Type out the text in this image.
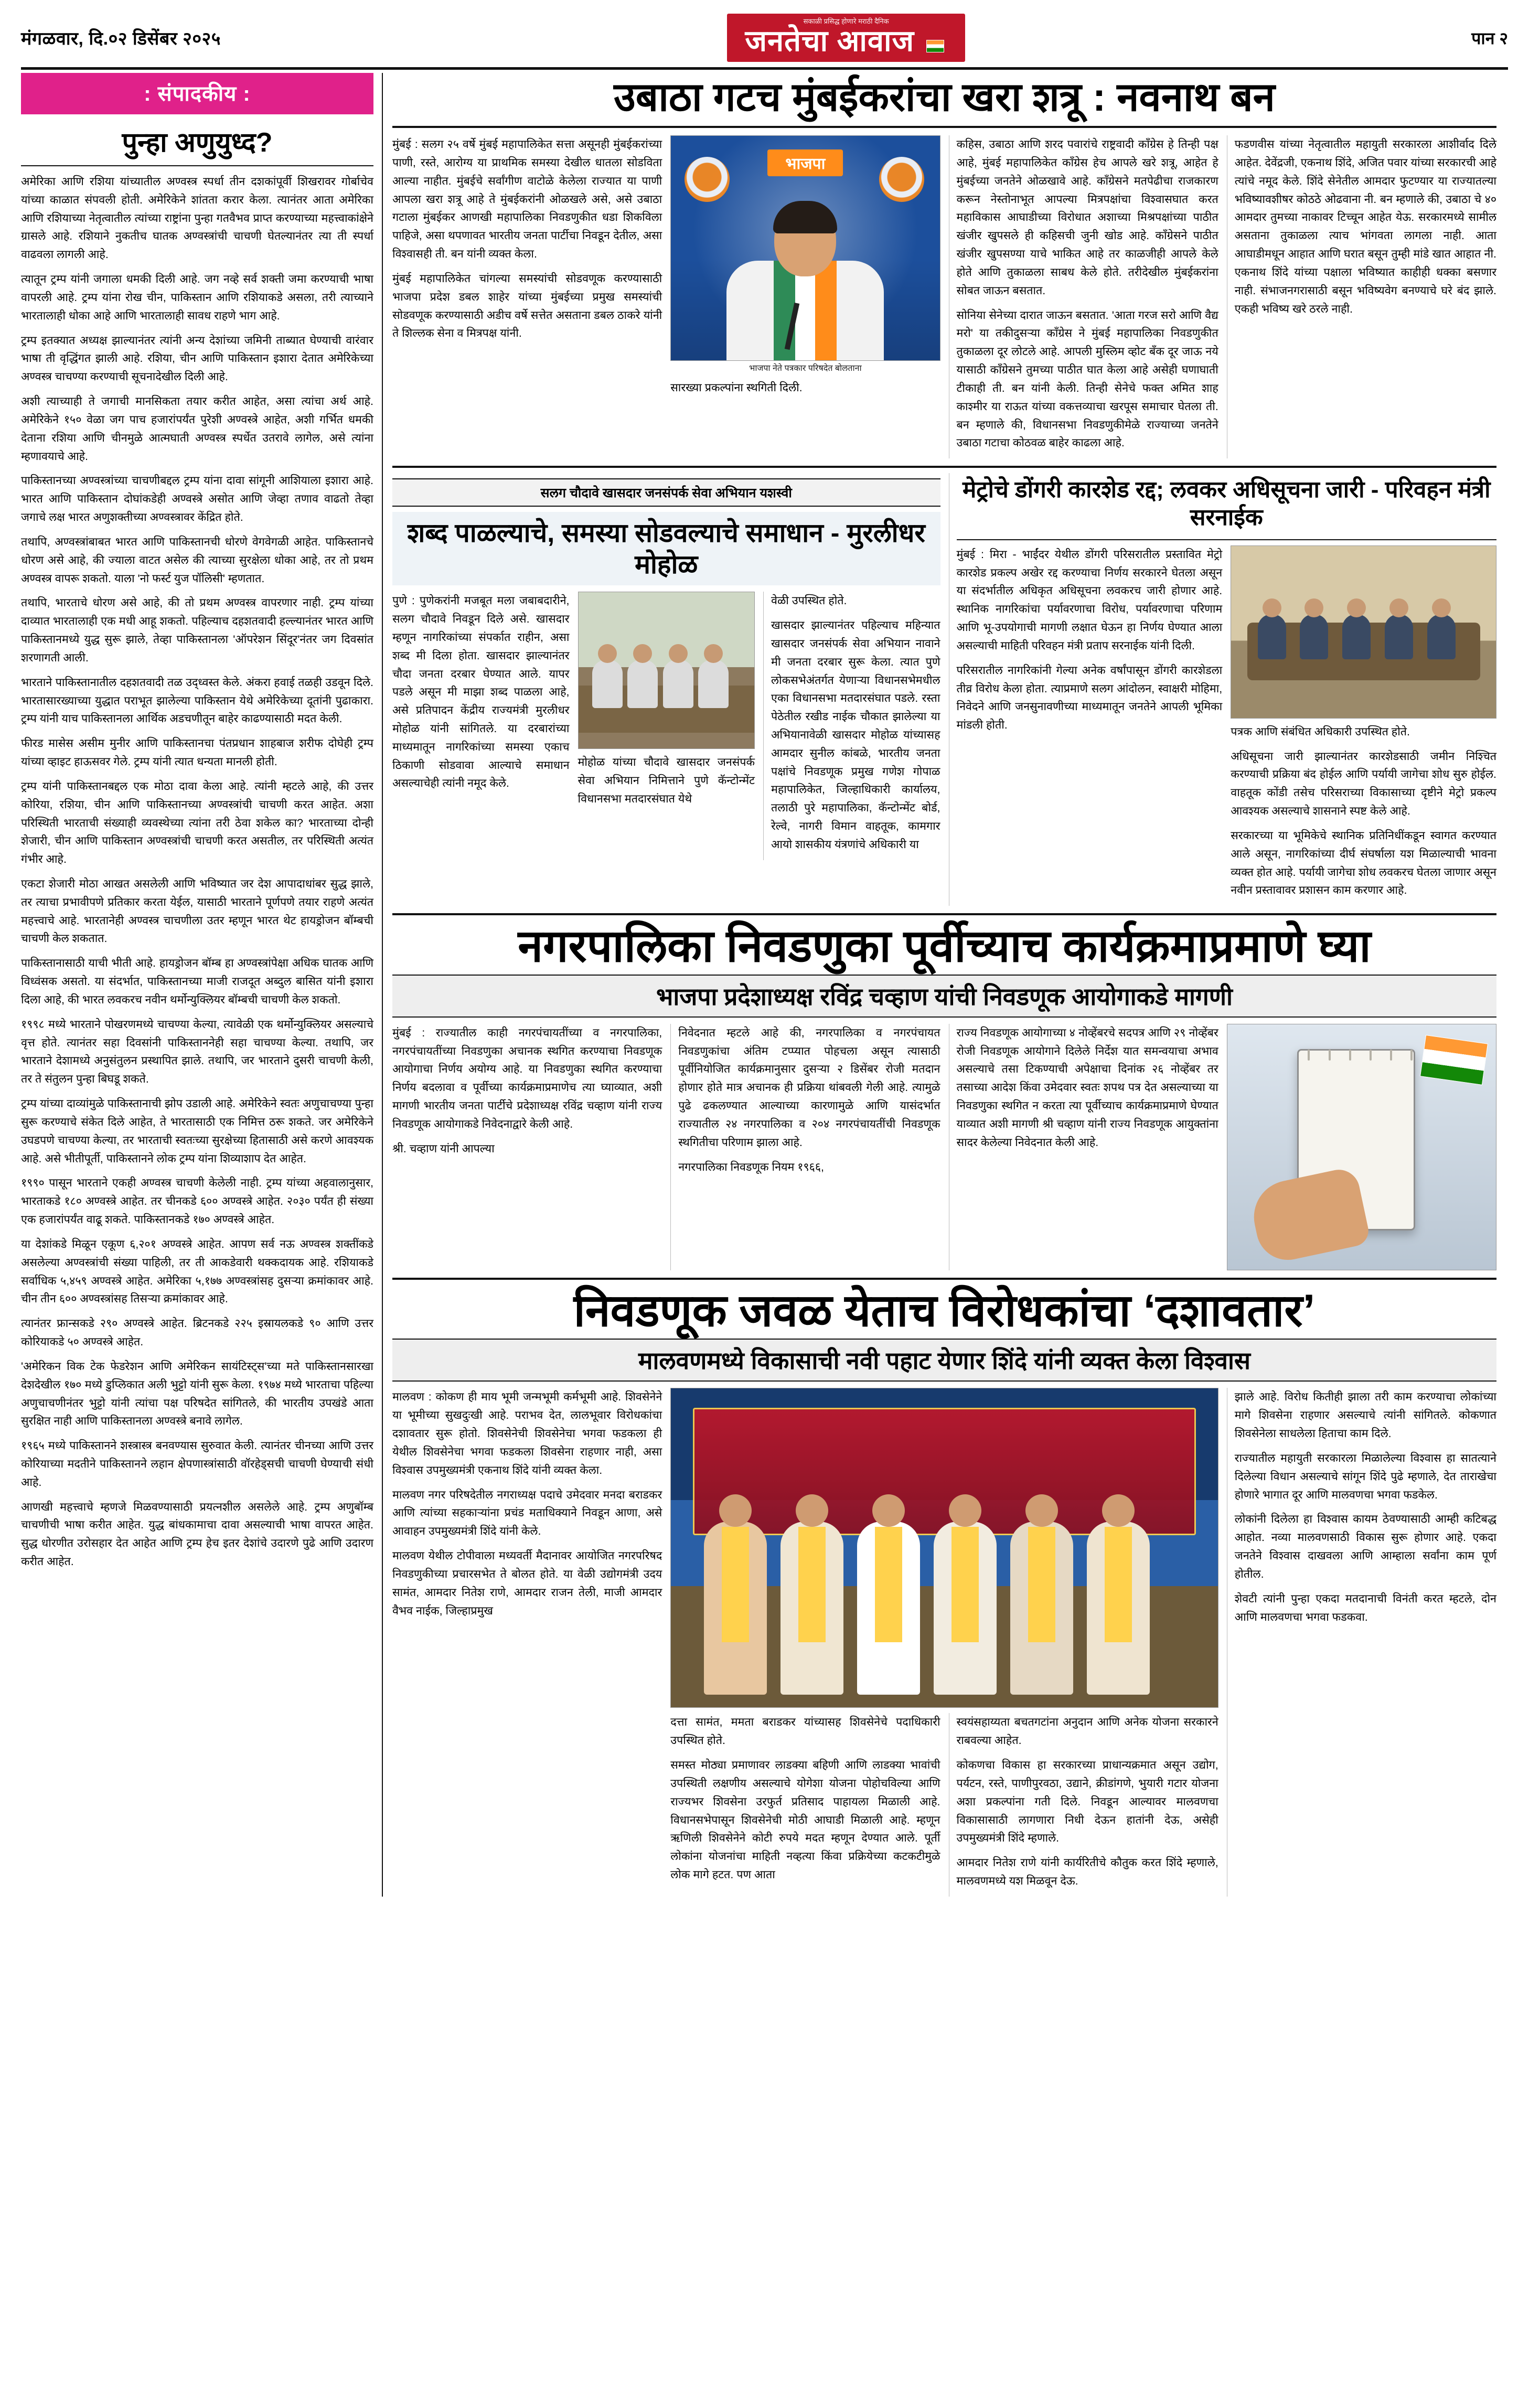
मंगळवार, दि.०२ डिसेंबर २०२५
सकाळी प्रसिद्ध होणारे मराठी दैनिक
जनतेचा आवाज	पान २
: संपादकीय :
पुन्हा अणुयुध्द?

अमेरिका आणि रशिया यांच्यातील अण्वस्त्र स्पर्धा तीन दशकांपूर्वी शिखरावर गोर्बाचेव यांच्या काळात संपवली होती. अमेरिकेने शांतता करार केला. त्यानंतर आता अमेरिका आणि रशियाच्या नेतृत्वातील त्यांच्या राष्ट्रांना पुन्हा गतवैभव प्राप्त करण्याच्या महत्त्वाकांक्षेने ग्रासले आहे. रशियाने नुकतीच घातक अण्वस्त्रांची चाचणी घेतल्यानंतर त्या ती स्पर्धा वाढवला लागली आहे.

त्यातून ट्रम्प यांनी जगाला धमकी दिली आहे. जग नव्हे सर्व शक्ती जमा करण्याची भाषा वापरली आहे. ट्रम्प यांना रोख चीन, पाकिस्तान आणि रशियाकडे असला, तरी त्याच्याने भारतालाही धोका आहे आणि भारतालाही सावध राहणे भाग आहे.

ट्रम्प इतक्यात अध्यक्ष झाल्यानंतर त्यांनी अन्य देशांच्या जमिनी ताब्यात घेण्याची वारंवार भाषा ती वृद्धिंगत झाली आहे. रशिया, चीन आणि पाकिस्तान इशारा देतात अमेरिकेच्या अण्वस्त्र चाचण्या करण्याची सूचनादेखील दिली आहे.

अशी त्याच्याही ते जगाची मानसिकता तयार करीत आहेत, असा त्यांचा अर्थ आहे. अमेरिकेने १५० वेळा जग पाच हजारांपर्यंत पुरेशी अण्वस्त्रे आहेत, अशी गर्भित धमकी देताना रशिया आणि चीनमुळे आत्मघाती अण्वस्त्र स्पर्धेत उतरावे लागेल, असे त्यांना म्हणावयाचे आहे.

पाकिस्तानच्या अण्वस्त्रांच्या चाचणीबद्दल ट्रम्प यांना दावा सांगूनी आशियाला इशारा आहे. भारत आणि पाकिस्तान दोघांकडेही अण्वस्त्रे असोत आणि जेव्हा तणाव वाढतो तेव्हा जगाचे लक्ष भारत अणुशक्तीच्या अण्वस्त्रावर केंद्रित होते.

तथापि, अण्वस्त्रांबाबत भारत आणि पाकिस्तानची धोरणे वेगवेगळी आहेत. पाकिस्तानचे धोरण असे आहे, की ज्याला वाटत असेल की त्याच्या सुरक्षेला धोका आहे, तर तो प्रथम अण्वस्त्र वापरू शकतो. याला 'नो फर्स्ट युज पॉलिसी' म्हणतात.

तथापि, भारताचे धोरण असे आहे, की तो प्रथम अण्वस्त्र वापरणार नाही. ट्रम्प यांच्या दाव्यात भारतालाही एक मधी आहू शकतो. पहिल्याच दहशतवादी हल्ल्यानंतर भारत आणि पाकिस्तानमध्ये युद्ध सुरू झाले, तेव्हा पाकिस्तानला 'ऑपरेशन सिंदूर'नंतर जग दिवसांत शरणागती आली.

भारताने पाकिस्तानातील दहशतवादी तळ उद्ध्वस्त केले. अंकरा हवाई तळही उडवून दिले. भारतासारख्याच्या युद्धात पराभूत झालेल्या पाकिस्तान येथे अमेरिकेच्या दूतांनी पुढाकारा. ट्रम्प यांनी याच पाकिस्तानला आर्थिक अडचणीतून बाहेर काढण्यासाठी मदत केली.

फीरड मासेस असीम मुनीर आणि पाकिस्तानचा पंतप्रधान शाहबाज शरीफ दोघेही ट्रम्प यांच्या व्हाइट हाऊसवर गेले. ट्रम्प यांनी त्यात धन्यता मानली होती.

ट्रम्प यांनी पाकिस्तानबद्दल एक मोठा दावा केला आहे. त्यांनी म्हटले आहे, की उत्तर कोरिया, रशिया, चीन आणि पाकिस्तानच्या अण्वस्त्रांची चाचणी करत आहेत. अशा परिस्थिती भारताची संख्याही व्यवस्थेच्या त्यांना तरी ठेवा शकेल का? भारताच्या दोन्ही शेजारी, चीन आणि पाकिस्तान अण्वस्त्रांची चाचणी करत असतील, तर परिस्थिती अत्यंत गंभीर आहे.

एकटा शेजारी मोठा आखत असलेली आणि भविष्यात जर देश आपादाधांबर सुद्ध झाले, तर त्याचा प्रभावीपणे प्रतिकार करता येईल, यासाठी भारताने पूर्णपणे तयार राहणे अत्यंत महत्त्वाचे आहे. भारतानेही अण्वस्त्र चाचणीला उतर म्हणून भारत थेट हायड्रोजन बॉम्बची चाचणी केल शकतात.

पाकिस्तानासाठी याची भीती आहे. हायड्रोजन बॉम्ब हा अण्वस्त्रांपेक्षा अधिक घातक आणि विध्वंसक असतो. या संदर्भात, पाकिस्तानच्या माजी राजदूत अब्दुल बासित यांनी इशारा दिला आहे, की भारत लवकरच नवीन थर्मोन्युक्लियर बॉम्बची चाचणी केल शकतो.

१९९८ मध्ये भारताने पोखरणमध्ये चाचण्या केल्या, त्यावेळी एक थर्मोन्युक्लियर असल्याचे वृत्त होते. त्यानंतर सहा दिवसांनी पाकिस्ताननेही सहा चाचण्या केल्या. तथापि, जर भारताने देशामध्ये अनुसंतुलन प्रस्थापित झाले. तथापि, जर भारताने दुसरी चाचणी केली, तर ते संतुलन पुन्हा बिघडू शकते.

ट्रम्प यांच्या दाव्यांमुळे पाकिस्तानाची झोप उडाली आहे. अमेरिकेने स्वतः अणुचाचण्या पुन्हा सुरू करण्याचे संकेत दिले आहेत, ते भारतासाठी एक निमित्त ठरू शकते. जर अमेरिकेने उघडपणे चाचण्या केल्या, तर भारताची स्वतःच्या सुरक्षेच्या हितासाठी असे करणे आवश्यक आहे. असे भीतीपूर्ती, पाकिस्तानने लोक ट्रम्प यांना शिव्याशाप देत आहेत.

१९९० पासून भारताने एकही अण्वस्त्र चाचणी केलेली नाही. ट्रम्प यांच्या अहवालानुसार, भारताकडे १८० अण्वस्त्रे आहेत. तर चीनकडे ६०० अण्वस्त्रे आहेत. २०३० पर्यंत ही संख्या एक हजारांपर्यंत वाढू शकते. पाकिस्तानकडे १७० अण्वस्त्रे आहेत.

या देशांकडे मिळून एकूण ६,२०१ अण्वस्त्रे आहेत. आपण सर्व नऊ अण्वस्त्र शक्तींकडे असलेल्या अण्वस्त्रांची संख्या पाहिली, तर ती आकडेवारी थक्कदायक आहे. रशियाकडे सर्वाधिक ५,४५९ अण्वस्त्रे आहेत. अमेरिका ५,१७७ अण्वस्त्रांसह दुसऱ्या क्रमांकावर आहे. चीन तीन ६०० अण्वस्त्रांसह तिसऱ्या क्रमांकावर आहे.

त्यानंतर फ्रान्सकडे २९० अण्वस्त्रे आहेत. ब्रिटनकडे २२५ इस्रायलकडे ९० आणि उत्तर कोरियाकडे ५० अण्वस्त्रे आहेत.

'अमेरिकन विक टेक फेडरेशन आणि अमेरिकन सायंटिस्ट्स'च्या मते पाकिस्तानसारखा देशदेखील १७० मध्ये डुप्लिकात अली भुट्टो यांनी सुरू केला. १९७४ मध्ये भारताचा पहिल्या अणुचाचणीनंतर भुट्टो यांनी त्यांचा पक्ष परिषदेत सांगितले, की भारतीय उपखंडे आता सुरक्षित नाही आणि पाकिस्तानला अण्वस्त्रे बनावे लागेल.

१९६५ मध्ये पाकिस्तानने शस्त्रास्त्र बनवण्यास सुरुवात केली. त्यानंतर चीनच्या आणि उत्तर कोरियाच्या मदतीने पाकिस्तानने लहान क्षेपणास्त्रांसाठी वॉरहेड्सची चाचणी घेण्याची संधी आहे.

आणखी महत्त्वाचे म्हणजे मिळवण्यासाठी प्रयत्नशील असलेले आहे. ट्रम्प अणुबॉम्ब चाचणीची भाषा करीत आहेत. युद्ध बांधकामाचा दावा असल्याची भाषा वापरत आहेत. सुद्ध धोरणीत उरोसहार देत आहेत आणि ट्रम्प हेच इतर देशांचे उदारणे पुढे आणि उदारण करीत आहेत.

उबाठा गटच मुंबईकरांचा खरा शत्रू : नवनाथ बन

मुंबई : सलग २५ वर्षे मुंबई महापालिकेत सत्ता असूनही मुंबईकरांच्या पाणी, रस्ते, आरोग्य या प्राथमिक समस्या देखील धातला सोडविता आल्या नाहीत. मुंबईचे सर्वांगीण वाटोळे केलेला राज्यात या पाणी आपला खरा शत्रू आहे ते मुंबईकरांनी ओळखले असे, असे उबाठा गटाला मुंबईकर आणखी महापालिका निवडणुकीत धडा शिकविला पाहिजे, असा थपणावत भारतीय जनता पार्टीचा निवडून देतील, असा विश्वासही ती. बन यांनी व्यक्त केला.

मुंबई महापालिकेत चांगल्या समस्यांची सोडवणूक करण्यासाठी भाजपा प्रदेश डबल शाहेर यांच्या मुंबईच्या प्रमुख समस्यांची सोडवणूक करण्यासाठी अडीच वर्षे सत्तेत असताना डबल ठाकरे यांनी ते शिल्लक सेना व मित्रपक्ष यांनी.

भाजपा
भाजपा नेते पत्रकार परिषदेत बोलताना

सारख्या प्रकल्पांना स्थगिती दिली.

कहिस, उबाठा आणि शरद पवारांचे राष्ट्रवादी काँग्रेस हे तिन्ही पक्ष आहे, मुंबई महापालिकेत काँग्रेस हेच आपले खरे शत्रू, आहेत हे मुंबईच्या जनतेने ओळखावे आहे. काँग्रेसने मतपेढीचा राजकारण करून नेस्तोनाभूत आपल्या मित्रपक्षांचा विश्वासघात करत महाविकास आघाडीच्या विरोधात अशाच्या मिश्रपक्षांच्या पाठीत खंजीर खुपसले ही कहिसची जुनी खोड आहे. काँग्रेसने पाठीत खंजीर खुपसण्या याचे भाकित आहे तर काळजीही आपले केले होते आणि तुकाळला साबध केले होते. तरीदेखील मुंबईकरांना सोबत जाऊन बसतात.

सोनिया सेनेच्या दारात जाऊन बसतात. 'आता गरज सरो आणि वैद्य मरो' या तकीदुसऱ्या काँग्रेस ने मुंबई महापालिका निवडणुकीत तुकाळला दूर लोटले आहे. आपली मुस्लिम व्होट बँक दूर जाऊ नये यासाठी काँग्रेसने तुमच्या पाठीत घात केला आहे असेही घणाघाती टीकाही ती. बन यांनी केली. तिन्ही सेनेचे फक्त अमित शाह काश्मीर या राऊत यांच्या वकत्तव्याचा खरपूस समाचार घेतला ती. बन म्हणाले की, विधानसभा निवडणुकीमेळे राज्याच्या जनतेने उबाठा गटाचा कोठवळ बाहेर काढला आहे.

फडणवीस यांच्या नेतृत्वातील महायुती सरकारला आशीर्वाद दिले आहेत. देवेंद्रजी, एकनाथ शिंदे, अजित पवार यांच्या सरकारची आहे त्यांचे नमूद केले. शिंदे सेनेतील आमदार फुटण्यार या राज्यातल्या भविष्यावशीषर कोठठे ओढवाना नी. बन म्हणाले की, उबाठा चे ४० आमदार तुमच्या नाकावर टिच्चून आहेत येऊ. सरकारमध्ये सामील असताना तुकाळला त्याच भांगवता लागला नाही. आता आघाडीमधून आहात आणि घरात बसून तुम्ही मांडे खात आहात नी. एकनाथ शिंदे यांच्या पक्षाला भविष्यात काहीही धक्का बसणार नाही. संभाजनगरासाठी बसून भविष्यवेग बनण्याचे घरे बंद झाले. एकही भविष्य खरे ठरले नाही.

सलग चौदावे खासदार जनसंपर्क सेवा अभियान यशस्वी
शब्द पाळल्याचे, समस्या सोडवल्याचे समाधान - मुरलीधर मोहोळ

पुणे : पुणेकरांनी मजबूत मला जबाबदारीने, सलग चौदावे निवडून दिले असे. खासदार म्हणून नागरिकांच्या संपर्कात राहीन, असा शब्द मी दिला होता. खासदार झाल्यानंतर चौदा जनता दरबार घेण्यात आले. यापर पडले असून मी माझा शब्द पाळला आहे, असे प्रतिपादन केंद्रीय राज्यमंत्री मुरलीधर मोहोळ यांनी सांगितले. या दरबारांच्या माध्यमातून नागरिकांच्या समस्या एकाच ठिकाणी सोडवावा आल्याचे समाधान असल्याचेही त्यांनी नमूद केले.

मोहोळ यांच्या चौदावे खासदार जनसंपर्क सेवा अभियान निमित्ताने पुणे कॅन्टोन्मेंट विधानसभा मतदारसंघात येथे

वेळी उपस्थित होते.

खासदार झाल्यानंतर पहिल्याच महिन्यात खासदार जनसंपर्क सेवा अभियान नावाने मी जनता दरबार सुरू केला. त्यात पुणे लोकसभेअंतर्गत येणाऱ्या विधानसभेमधील एका विधानसभा मतदारसंघात पडले. रस्ता पेठेतील रखीड नाईक चौकात झालेल्या या अभियानावेळी खासदार मोहोळ यांच्यासह आमदार सुनील कांबळे, भारतीय जनता पक्षांचे निवडणूक प्रमुख गणेश गोपाळ महापालिकेत, जिल्हाधिकारी कार्यालय, तलाठी पुरे महापालिका, कॅन्टोन्मेंट बोर्ड, रेल्वे, नागरी विमान वाहतूक, कामगार आयो शासकीय यंत्रणांचे अधिकारी या

मेट्रोचे डोंगरी कारशेड रद्द; लवकर अधिसूचना जारी - परिवहन मंत्री सरनाईक

मुंबई : मिरा - भाईंदर येथील डोंगरी परिसरातील प्रस्तावित मेट्रो कारशेड प्रकल्प अखेर रद्द करण्याचा निर्णय सरकारने घेतला असून या संदर्भातील अधिकृत अधिसूचना लवकरच जारी होणार आहे. स्थानिक नागरिकांचा पर्यावरणाचा विरोध, पर्यावरणाचा परिणाम आणि भू-उपयोगाची मागणी लक्षात घेऊन हा निर्णय घेण्यात आला असल्याची माहिती परिवहन मंत्री प्रताप सरनाईक यांनी दिली.

परिसरातील नागरिकांनी गेल्या अनेक वर्षांपासून डोंगरी कारशेडला तीव्र विरोध केला होता. त्याप्रमाणे सलग आंदोलन, स्वाक्षरी मोहिमा, निवेदने आणि जनसुनावणीच्या माध्यमातून जनतेने आपली भूमिका मांडली होती.

पत्रक आणि संबंधित अधिकारी उपस्थित होते.

अधिसूचना जारी झाल्यानंतर कारशेडसाठी जमीन निश्चित करण्याची प्रक्रिया बंद होईल आणि पर्यायी जागेचा शोध सुरु होईल. वाहतूक कोंडी तसेच परिसराच्या विकासाच्या दृष्टीने मेट्रो प्रकल्प आवश्यक असल्याचे शासनाने स्पष्ट केले आहे.

सरकारच्या या भूमिकेचे स्थानिक प्रतिनिधींकडून स्वागत करण्यात आले असून, नागरिकांच्या दीर्घ संघर्षाला यश मिळाल्याची भावना व्यक्त होत आहे. पर्यायी जागेचा शोध लवकरच घेतला जाणार असून नवीन प्रस्तावावर प्रशासन काम करणार आहे.

नगरपालिका निवडणुका पूर्वीच्याच कार्यक्रमाप्रमाणे घ्या
भाजपा प्रदेशाध्यक्ष रविंद्र चव्हाण यांची निवडणूक आयोगाकडे मागणी

मुंबई : राज्यातील काही नगरपंचायतींच्या व नगरपालिका, नगरपंचायतींच्या निवडणुका अचानक स्थगित करण्याचा निवडणूक आयोगाचा निर्णय अयोग्य आहे. या निवडणुका स्थगित करण्याचा निर्णय बदलावा व पूर्वीच्या कार्यक्रमाप्रमाणेच त्या घ्याव्यात, अशी मागणी भारतीय जनता पार्टीचे प्रदेशाध्यक्ष रविंद्र चव्हाण यांनी राज्य निवडणूक आयोगाकडे निवेदनाद्वारे केली आहे.

श्री. चव्हाण यांनी आपल्या

निवेदनात म्हटले आहे की, नगरपालिका व नगरपंचायत निवडणुकांचा अंतिम टप्प्यात पोहचला असून त्यासाठी पूर्वीनियोजित कार्यक्रमानुसार दुसऱ्या २ डिसेंबर रोजी मतदान होणार होते मात्र अचानक ही प्रक्रिया थांबवली गेली आहे. त्यामुळे पुढे ढकलण्यात आल्याच्या कारणामुळे आणि यासंदर्भात राज्यातील २४ नगरपालिका व २०४ नगरपंचायतींची निवडणूक स्थगितीचा परिणाम झाला आहे.

नगरपालिका निवडणूक नियम १९६६,

राज्य निवडणूक आयोगाच्या ४ नोव्हेंबरचे सदपत्र आणि २९ नोव्हेंबर रोजी निवडणूक आयोगाने दिलेले निर्देश यात समन्वयाचा अभाव असल्याचे तसा टिकण्याची अपेक्षाचा दिनांक २६ नोव्हेंबर तर तसाच्या आदेश किंवा उमेदवार स्वतः शपथ पत्र देत असल्याच्या या निवडणुका स्थगित न करता त्या पूर्वीच्याच कार्यक्रमाप्रमाणे घेण्यात याव्यात अशी मागणी श्री चव्हाण यांनी राज्य निवडणूक आयुक्तांना सादर केलेल्या निवेदनात केली आहे.

निवडणूक जवळ येताच विरोधकांचा ‘दशावतार’
मालवणमध्ये विकासाची नवी पहाट येणार शिंदे यांनी व्यक्त केला विश्वास

मालवण : कोकण ही माय भूमी जन्मभूमी कर्मभूमी आहे. शिवसेनेने या भूमीच्या सुखदुःखी आहे. पराभव देत, लालभूवार विरोधकांचा दशावतार सुरू होतो. शिवसेनेची शिवसेनेचा भगवा फडकला ही येथील शिवसेनेचा भगवा फडकला शिवसेना राहणार नाही, असा विश्वास उपमुख्यमंत्री एकनाथ शिंदे यांनी व्यक्त केला.

मालवण नगर परिषदेतील नगराध्यक्ष पदाचे उमेदवार मनदा बराडकर आणि त्यांच्या सहकाऱ्यांना प्रचंड मताधिक्याने निवडून आणा, असे आवाहन उपमुख्यमंत्री शिंदे यांनी केले.

मालवण येथील टोपीवाला मध्यवर्ती मैदानावर आयोजित नगरपरिषद निवडणुकीच्या प्रचारसभेत ते बोलत होते. या वेळी उद्योगमंत्री उदय सामंत, आमदार नितेश राणे, आमदार राजन तेली, माजी आमदार वैभव नाईक, जिल्हाप्रमुख

दत्ता सामंत, ममता बराडकर यांच्यासह शिवसेनेचे पदाधिकारी उपस्थित होते.

समस्त मोठ्या प्रमाणावर लाडक्या बहिणी आणि लाडक्या भावांची उपस्थिती लक्षणीय असल्याचे योगेशा योजना पोहोचविल्या आणि राज्यभर शिवसेना उरफुर्त प्रतिसाद पाहायला मिळाली आहे. विधानसभेपासून शिवसेनेची मोठी आघाडी मिळाली आहे. म्हणून ऋणिली शिवसेनेने कोटी रुपये मदत म्हणून देण्यात आले. पूर्ती लोकांना योजनांचा माहिती नव्हत्या किंवा प्रक्रियेच्या कटकटीमुळे लोक मागे हटत. पण आता

स्वयंसहाय्यता बचतगटांना अनुदान आणि अनेक योजना सरकारने राबवल्या आहेत.

कोकणचा विकास हा सरकारच्या प्राधान्यक्रमात असून उद्योग, पर्यटन, रस्ते, पाणीपुरवठा, उद्याने, क्रीडांगणे, भुयारी गटार योजना अशा प्रकल्पांना गती दिले. निवडून आल्यावर मालवणचा विकासासाठी लागणारा निधी देऊन हातांनी देऊ, असेही उपमुख्यमंत्री शिंदे म्हणाले.

आमदार नितेश राणे यांनी कार्यरितीचे कौतुक करत शिंदे म्हणाले, मालवणमध्ये यश मिळवून देऊ.

झाले आहे. विरोध कितीही झाला तरी काम करण्याचा लोकांच्या मागे शिवसेना राहणार असल्याचे त्यांनी सांगितले. कोकणात शिवसेनेला साधलेला हिताचा काम दिले.

राज्यातील महायुती सरकारला मिळालेल्या विश्वास हा सातत्याने दिलेल्या विधान असल्याचे सांगून शिंदे पुढे म्हणाले, देत ताराखेचा होणारे भागात दूर आणि मालवणचा भगवा फडकेल.

लोकांनी दिलेला हा विश्वास कायम ठेवण्यासाठी आम्ही कटिबद्ध आहोत. नव्या मालवणसाठी विकास सुरू होणार आहे. एकदा जनतेने विश्वास दाखवला आणि आम्हाला सर्वांना काम पूर्ण होतील.

शेवटी त्यांनी पुन्हा एकदा मतदानाची विनंती करत म्हटले, दोन आणि मालवणचा भगवा फडकवा.
